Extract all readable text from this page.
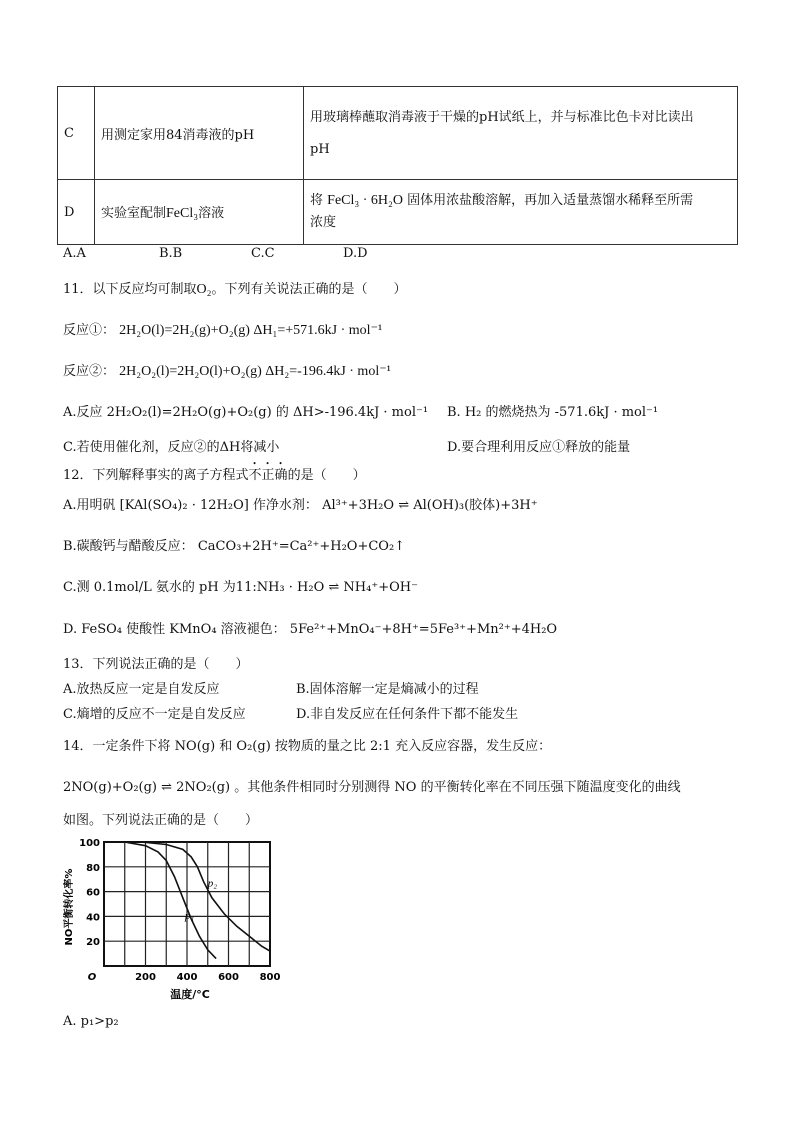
C	用测定家用84消毒液的pH	用玻璃棒蘸取消毒液于干燥的pH试纸上，并与标准比色卡对比读出
pH

D	实验室配制FeCl₃溶液	将 FeCl₃ · 6H₂O 固体用浓盐酸溶解，再加入适量蒸馏水稀释至所需
浓度
A.A	B.B	C.C	D.D
11．以下反应均可制取O₂。下列有关说法正确的是（　　）
反应①： 2H₂O(l)=2H₂(g)+O₂(g) ΔH₁=+571.6kJ · mol⁻¹
反应②： 2H₂O₂(l)=2H₂O(l)+O₂(g) ΔH₂=-196.4kJ · mol⁻¹
A.反应 2H₂O₂(l)=2H₂O(g)+O₂(g) 的 ΔH>-196.4kJ · mol⁻¹ B. H₂ 的燃烧热为 -571.6kJ · mol⁻¹
C.若使用催化剂，反应②的ΔH将减小	D.要合理利用反应①释放的能量
12．下列解释事实的离子方程式不正确的是（　　）
A.用明矾 [KAl(SO₄)₂ · 12H₂O] 作净水剂： Al³⁺+3H₂O ⇌ Al(OH)₃(胶体)+3H⁺
B.碳酸钙与醋酸反应： CaCO₃+2H⁺=Ca²⁺+H₂O+CO₂↑
C.测 0.1mol/L 氨水的 pH 为11:NH₃ · H₂O ⇌ NH₄⁺+OH⁻
D. FeSO₄ 使酸性 KMnO₄ 溶液褪色： 5Fe²⁺+MnO₄⁻+8H⁺=5Fe³⁺+Mn²⁺+4H₂O
13．下列说法正确的是（　　）
A.放热反应一定是自发反应	B.固体溶解一定是熵减小的过程
C.熵增的反应不一定是自发反应	D.非自发反应在任何条件下都不能发生
14．一定条件下将 NO(g) 和 O₂(g) 按物质的量之比 2:1 充入反应容器，发生反应：
2NO(g)+O₂(g) ⇌ 2NO₂(g) 。其他条件相同时分别测得 NO 的平衡转化率在不同压强下随温度变化的曲线
如图。下列说法正确的是（　　）
p₁
p₂
O	200 400 600 800
100
80
60
40
20
温度/°C
NO平衡转化率%
A. p₁>p₂
